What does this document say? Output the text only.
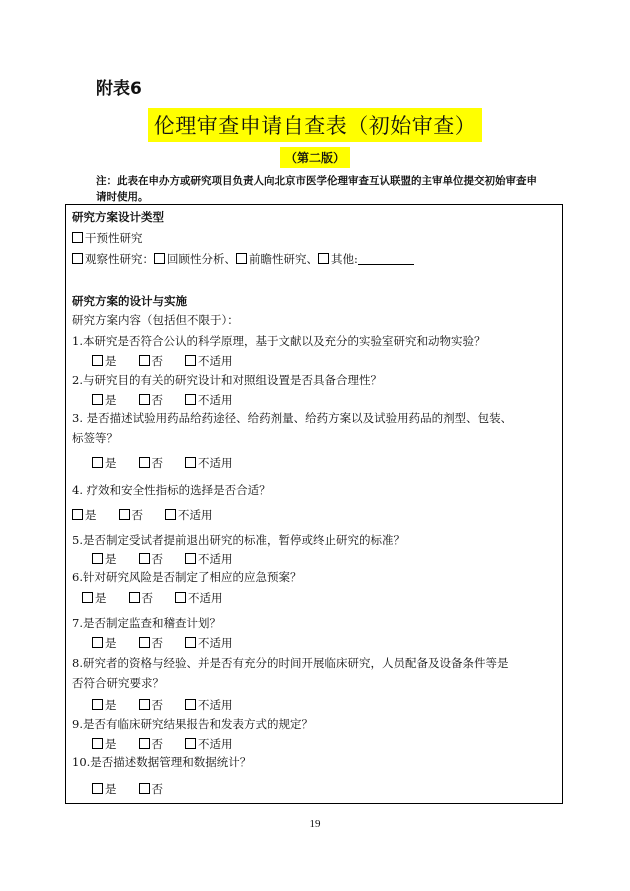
附表6
伦理审查申请自查表（初始审查）
（第二版）
注：此表在申办方或研究项目负责人向北京市医学伦理审查互认联盟的主审单位提交初始审查申请时使用。
研究方案设计类型
干预性研究
观察性研究： 回顾性分析、 前瞻性研究、 其他:
研究方案的设计与实施
研究方案内容（包括但不限于）：
1.本研究是否符合公认的科学原理，基于文献以及充分的实验室研究和动物实验？
是	否	不适用
2.与研究目的有关的研究设计和对照组设置是否具备合理性？
是	否	不适用
3. 是否描述试验用药品给药途径、给药剂量、给药方案以及试验用药品的剂型、包装、
标签等？
是	否	不适用
4. 疗效和安全性指标的选择是否合适？
是	否	不适用
5.是否制定受试者提前退出研究的标准，暂停或终止研究的标准？
是	否	不适用
6.针对研究风险是否制定了相应的应急预案？
是	否	不适用
7.是否制定监查和稽查计划？
是	否	不适用
8.研究者的资格与经验、并是否有充分的时间开展临床研究，人员配备及设备条件等是
否符合研究要求？
是	否	不适用
9.是否有临床研究结果报告和发表方式的规定？
是	否	不适用
10.是否描述数据管理和数据统计？
是	否
19
